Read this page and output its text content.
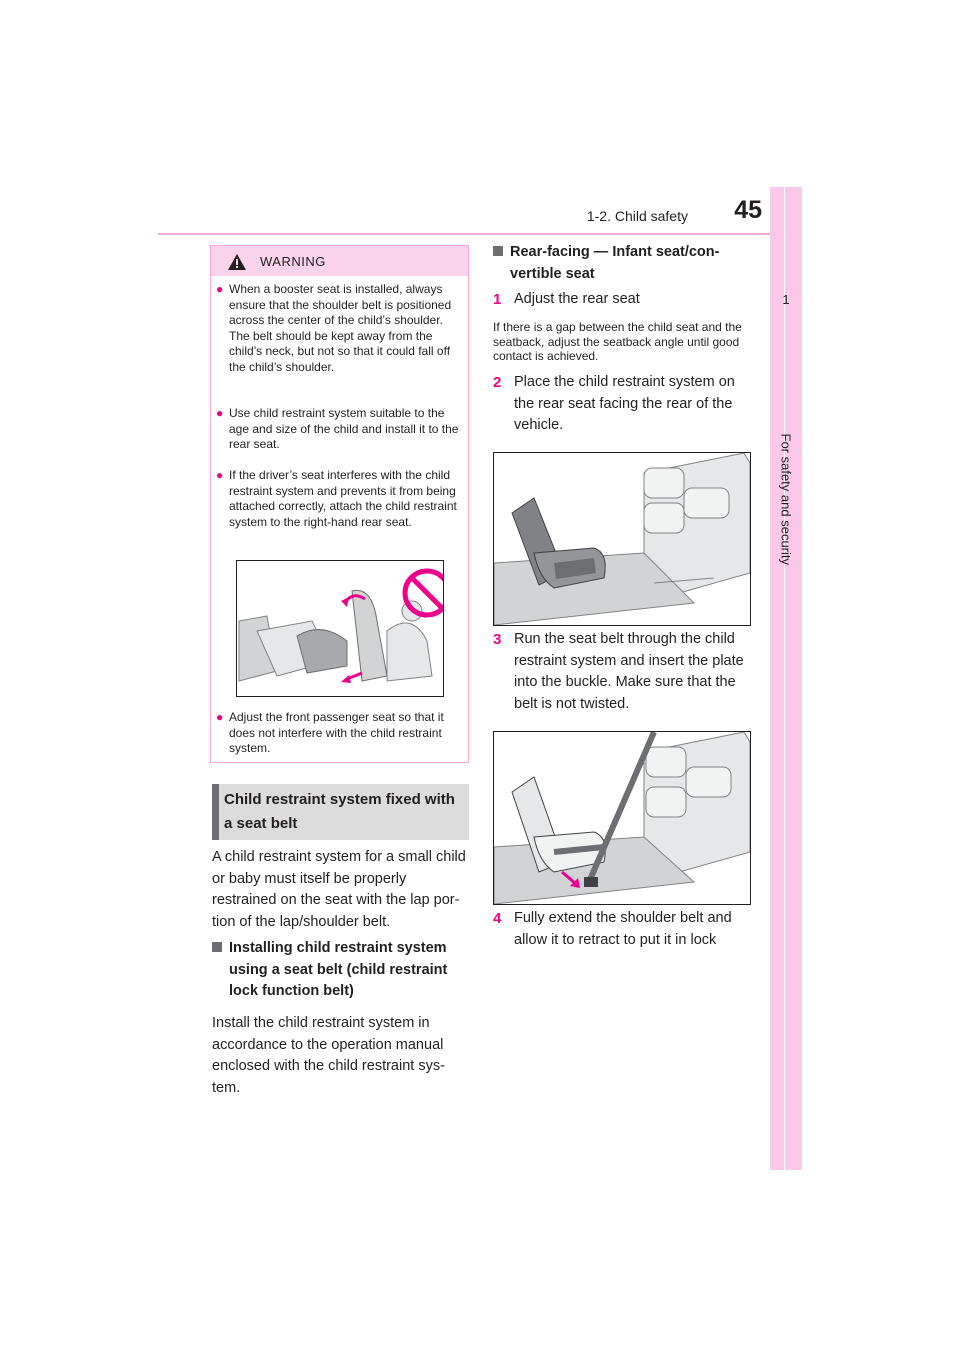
1-2. Child safety 45
1
For safety and security
WARNING
● When a booster seat is installed, always ensure that the shoulder belt is positioned across the center of the child’s shoulder. The belt should be kept away from the child’s neck, but not so that it could fall off the child’s shoulder.
● Use child restraint system suitable to the age and size of the child and install it to the rear seat.
● If the driver’s seat interferes with the child restraint system and prevents it from being attached correctly, attach the child restraint system to the right-hand rear seat.
● Adjust the front passenger seat so that it does not interfere with the child restraint system.
Child restraint system fixed with a seat belt
A child restraint system for a small child or baby must itself be properly restrained on the seat with the lap por-tion of the lap/shoulder belt.
Installing child restraint system using a seat belt (child restraint lock function belt)
Install the child restraint system in accordance to the operation manual enclosed with the child restraint sys-tem.
Rear-facing — Infant seat/con-vertible seat
1 Adjust the rear seat
If there is a gap between the child seat and the seatback, adjust the seatback angle until good contact is achieved.
2 Place the child restraint system on the rear seat facing the rear of the vehicle.
3 Run the seat belt through the child restraint system and insert the plate into the buckle. Make sure that the belt is not twisted.
4 Fully extend the shoulder belt and allow it to retract to put it in lock
